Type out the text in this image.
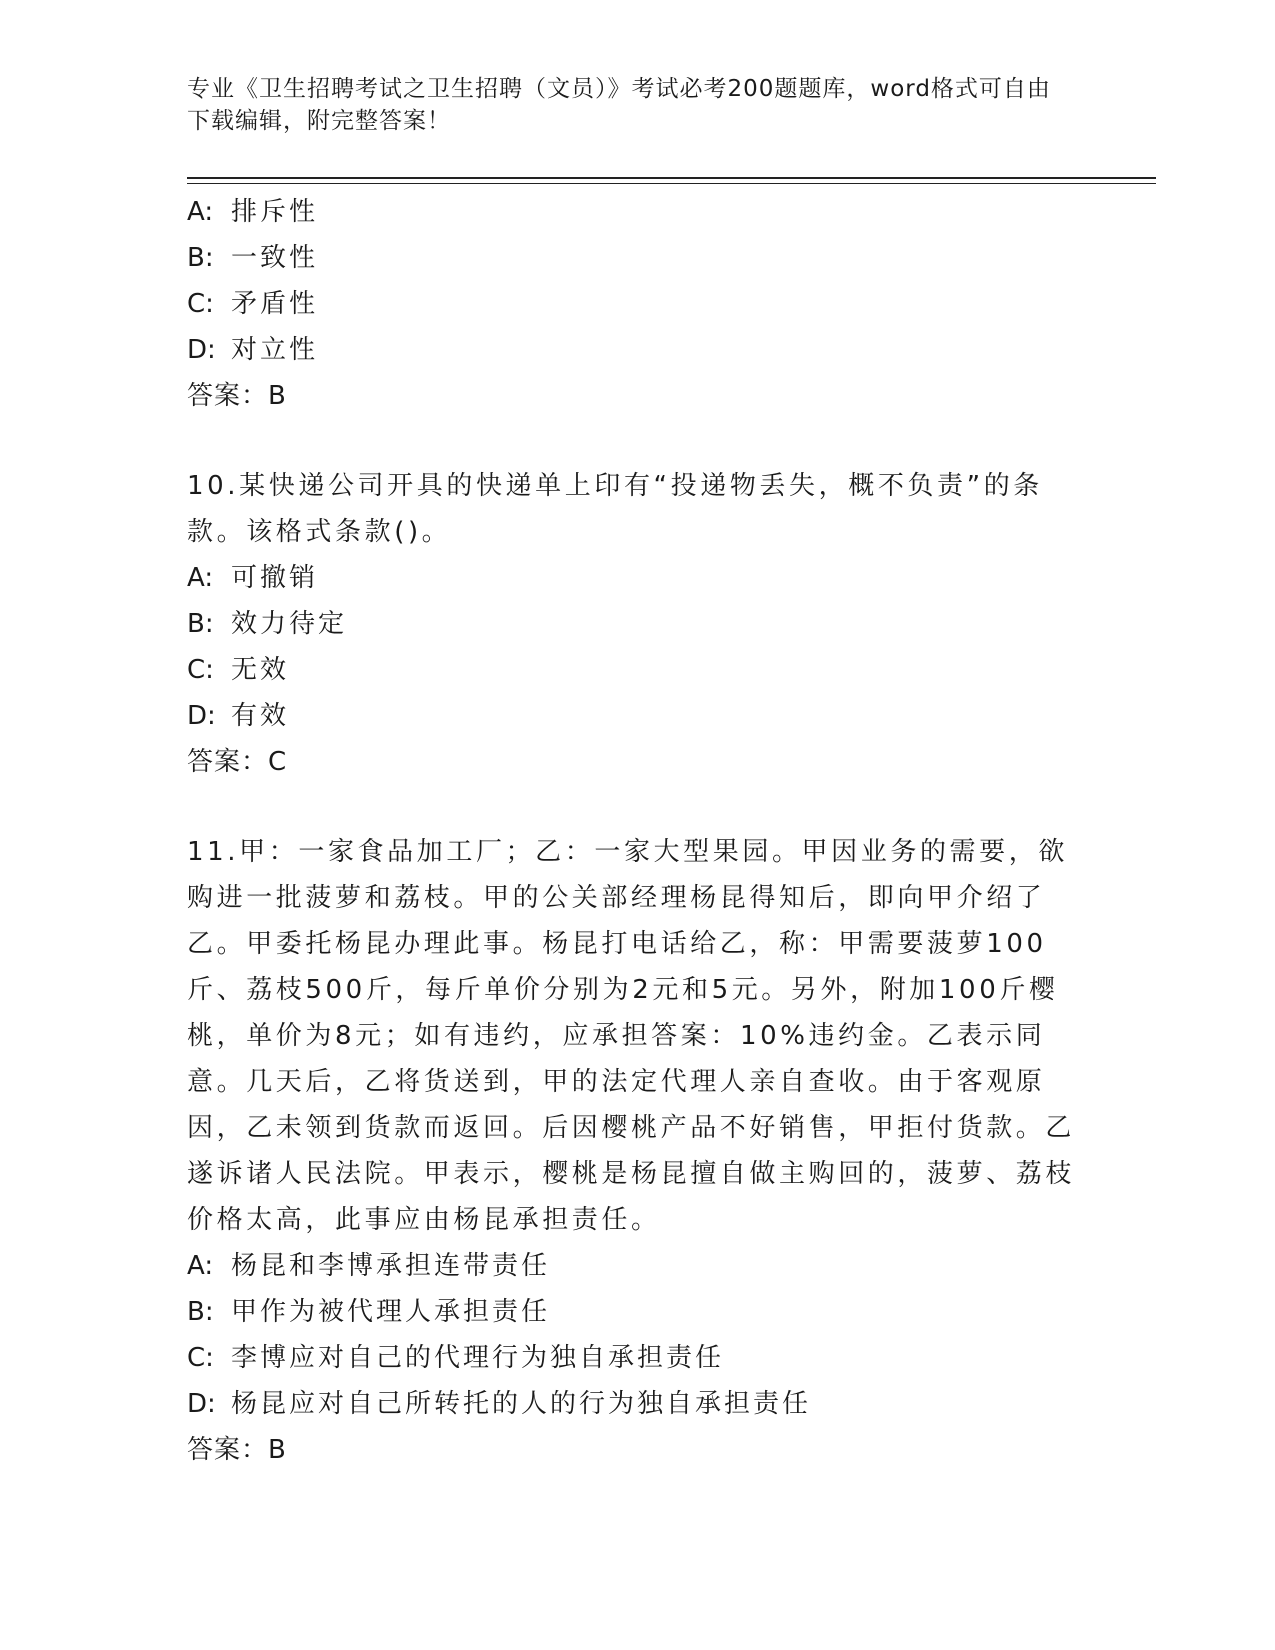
专业《卫生招聘考试之卫生招聘（文员）》考试必考200题题库，word格式可自由下载编辑，附完整答案！
A: 排斥性
B: 一致性
C: 矛盾性
D: 对立性
答案：B
10.某快递公司开具的快递单上印有“投递物丢失，概不负责”的条款。该格式条款()。
A: 可撤销
B: 效力待定
C: 无效
D: 有效
答案：C
11.甲：一家食品加工厂；乙：一家大型果园。甲因业务的需要，欲购进一批菠萝和荔枝。甲的公关部经理杨昆得知后，即向甲介绍了乙。甲委托杨昆办理此事。杨昆打电话给乙，称：甲需要菠萝100斤、荔枝500斤，每斤单价分别为2元和5元。另外，附加100斤樱桃，单价为8元；如有违约，应承担答案：10%违约金。乙表示同意。几天后，乙将货送到，甲的法定代理人亲自查收。由于客观原因，乙未领到货款而返回。后因樱桃产品不好销售，甲拒付货款。乙遂诉诸人民法院。甲表示，樱桃是杨昆擅自做主购回的，菠萝、荔枝价格太高，此事应由杨昆承担责任。
A: 杨昆和李博承担连带责任
B: 甲作为被代理人承担责任
C: 李博应对自己的代理行为独自承担责任
D: 杨昆应对自己所转托的人的行为独自承担责任
答案：B
